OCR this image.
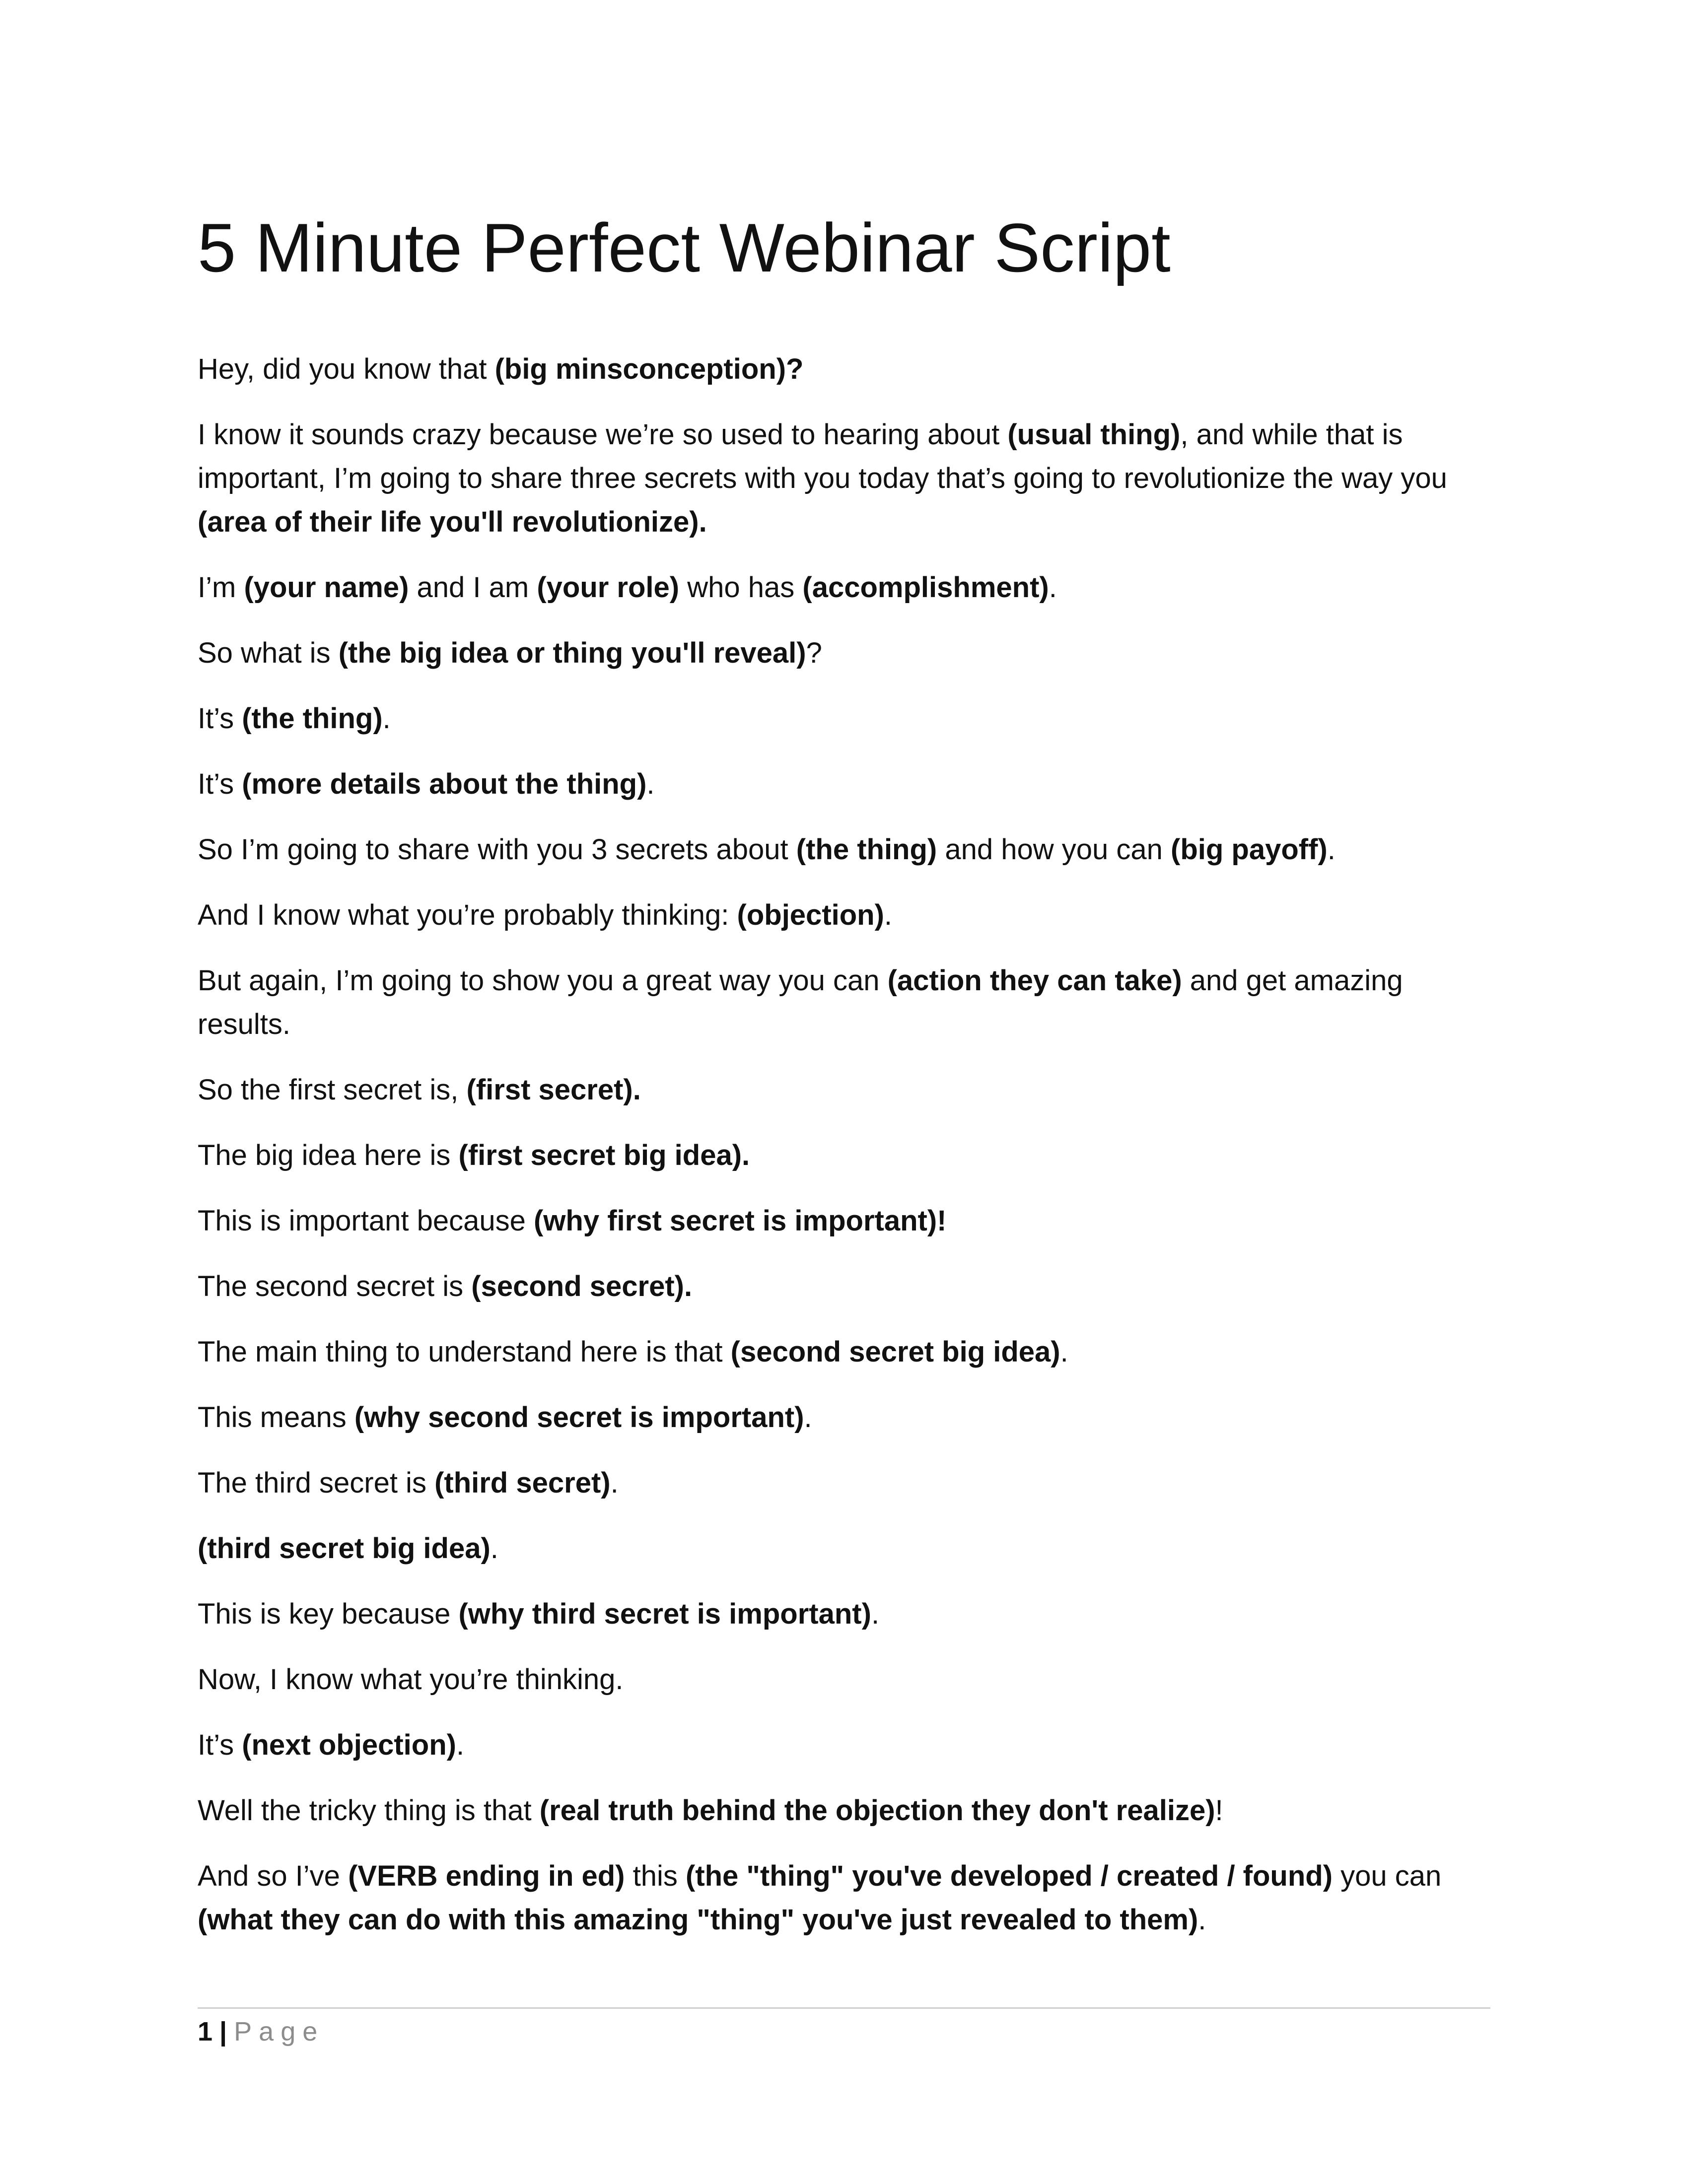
5 Minute Perfect Webinar Script

Hey, did you know that (big minsconception)?

I know it sounds crazy because we’re so used to hearing about (usual thing), and while that is important, I’m going to share three secrets with you today that’s going to revolutionize the way you (area of their life you'll revolutionize).

I’m (your name) and I am (your role) who has (accomplishment).

So what is (the big idea or thing you'll reveal)?

It’s (the thing).

It’s (more details about the thing).

So I’m going to share with you 3 secrets about (the thing) and how you can (big payoff).

And I know what you’re probably thinking: (objection).

But again, I’m going to show you a great way you can (action they can take) and get amazing results.

So the first secret is, (first secret).

The big idea here is (first secret big idea).

This is important because (why first secret is important)!

The second secret is (second secret).

The main thing to understand here is that (second secret big idea).

This means (why second secret is important).

The third secret is (third secret).

(third secret big idea).

This is key because (why third secret is important).

Now, I know what you’re thinking.

It’s (next objection).

Well the tricky thing is that (real truth behind the objection they don't realize)!

And so I’ve (VERB ending in ed) this (the "thing" you've developed / created / found) you can (what they can do with this amazing "thing" you've just revealed to them).

1 | Page
